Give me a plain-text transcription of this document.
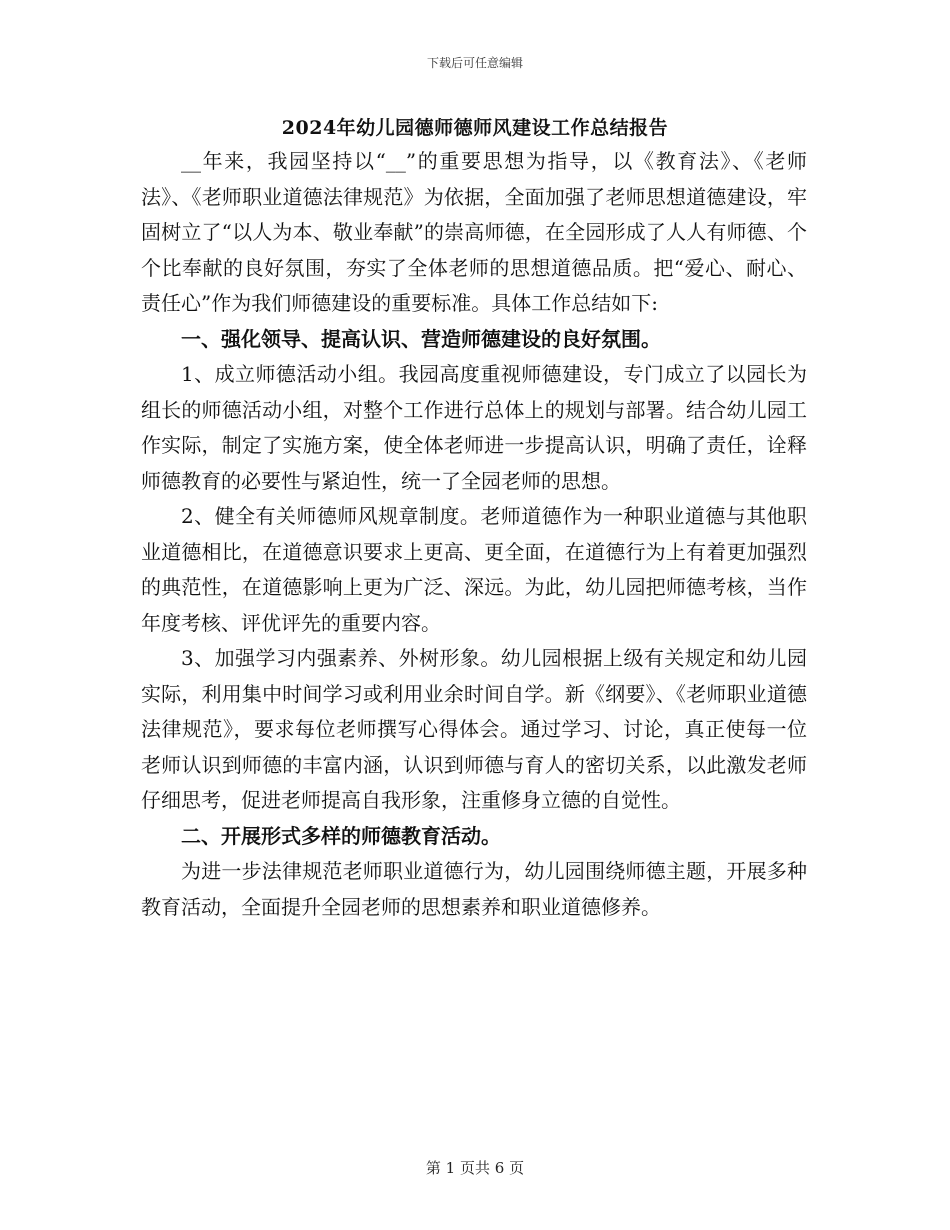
下载后可任意编辑
2024年幼儿园德师德师风建设工作总结报告

__年来，我园坚持以“__”的重要思想为指导，以《教育法》、《老师法》、《老师职业道德法律规范》为依据，全面加强了老师思想道德建设，牢固树立了“以人为本、敬业奉献”的崇高师德，在全园形成了人人有师德、个个比奉献的良好氛围，夯实了全体老师的思想道德品质。把“爱心、耐心、责任心”作为我们师德建设的重要标准。具体工作总结如下:

一、强化领导、提高认识、营造师德建设的良好氛围。

1、成立师德活动小组。我园高度重视师德建设，专门成立了以园长为组长的师德活动小组，对整个工作进行总体上的规划与部署。结合幼儿园工作实际，制定了实施方案，使全体老师进一步提高认识，明确了责任，诠释师德教育的必要性与紧迫性，统一了全园老师的思想。

2、健全有关师德师风规章制度。老师道德作为一种职业道德与其他职业道德相比，在道德意识要求上更高、更全面，在道德行为上有着更加强烈的典范性，在道德影响上更为广泛、深远。为此，幼儿园把师德考核，当作年度考核、评优评先的重要内容。

3、加强学习内强素养、外树形象。幼儿园根据上级有关规定和幼儿园实际，利用集中时间学习或利用业余时间自学。新《纲要》、《老师职业道德法律规范》，要求每位老师撰写心得体会。通过学习、讨论，真正使每一位老师认识到师德的丰富内涵，认识到师德与育人的密切关系，以此激发老师仔细思考，促进老师提高自我形象，注重修身立德的自觉性。

二、开展形式多样的师德教育活动。

为进一步法律规范老师职业道德行为，幼儿园围绕师德主题，开展多种教育活动，全面提升全园老师的思想素养和职业道德修养。

第 1 页共 6 页
